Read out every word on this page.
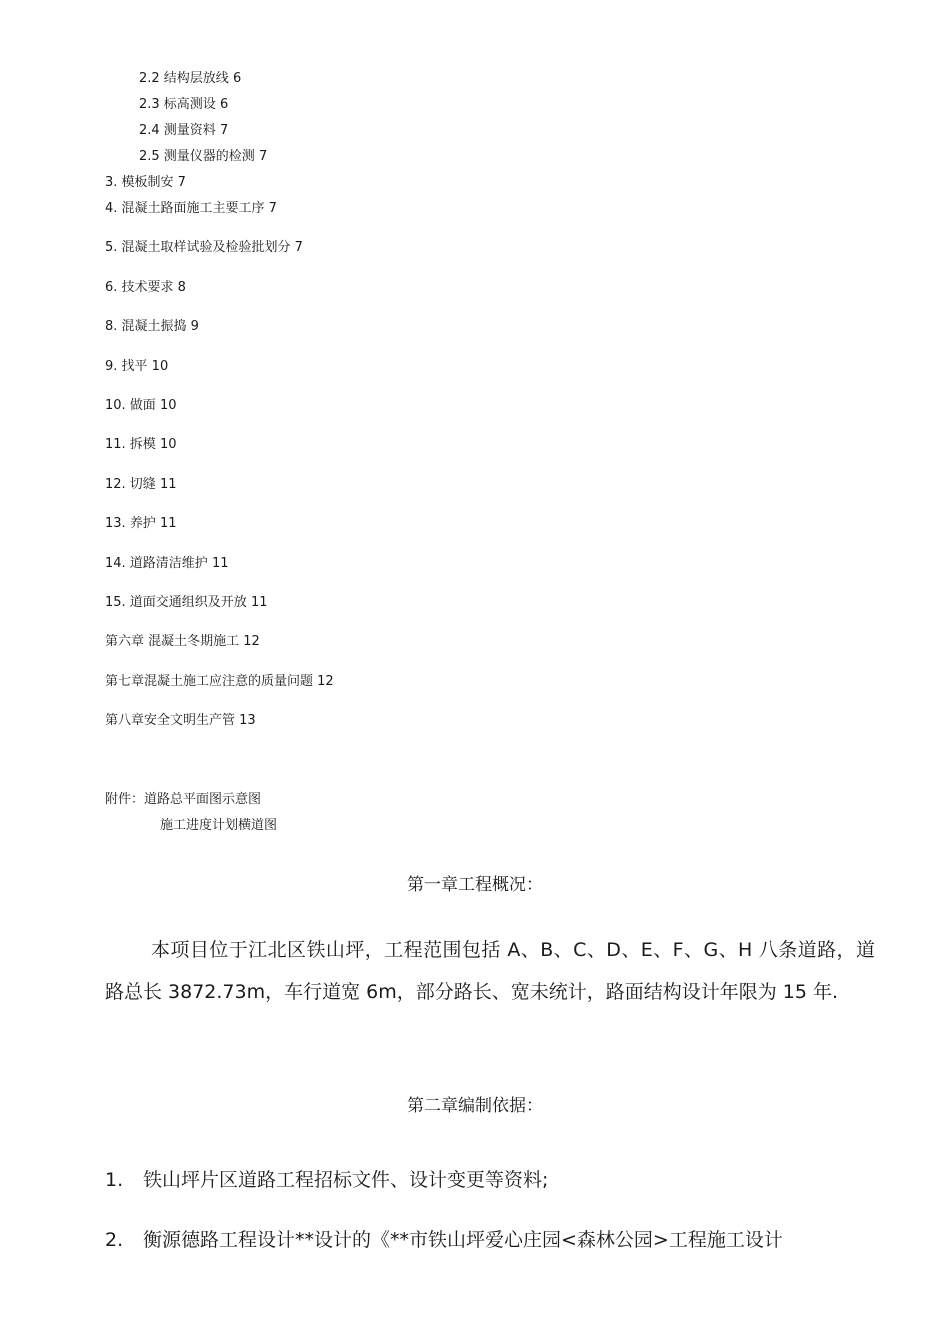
2.2 结构层放线 6
2.3 标高测设 6
2.4 测量资料 7
2.5 测量仪器的检测 7
3. 模板制安 7
4. 混凝土路面施工主要工序 7
5. 混凝土取样试验及检验批划分 7
6. 技术要求 8
8. 混凝土振捣 9
9. 找平 10
10. 做面 10
11. 拆模 10
12. 切缝 11
13. 养护 11
14. 道路清洁维护 11
15. 道面交通组织及开放 11
第六章 混凝土冬期施工 12
第七章混凝土施工应注意的质量问题 12
第八章安全文明生产管 13
附件：道路总平面图示意图
施工进度计划横道图
第一章工程概况：
本项目位于江北区铁山坪，工程范围包括 A、B、C、D、E、F、G、H 八条道路，道路总长 3872.73m，车行道宽 6m，部分路长、宽未统计，路面结构设计年限为 15 年.
第二章编制依据：
1. 铁山坪片区道路工程招标文件、设计变更等资料;
2. 衡源德路工程设计**设计的《**市铁山坪爱心庄园<森林公园>工程施工设计
